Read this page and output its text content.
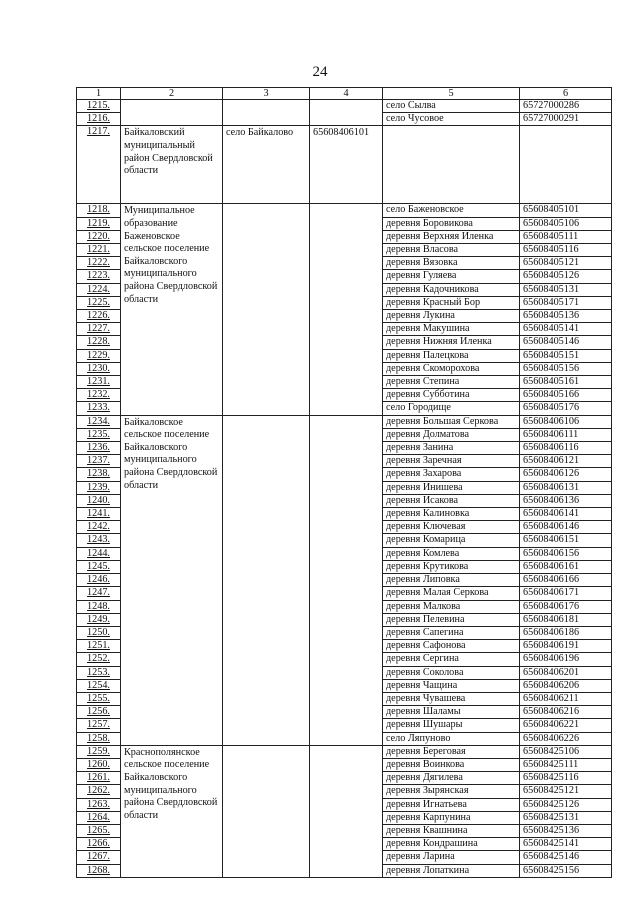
24
1	2	3	4	5	6
1215.				село Сылва	65727000286
1216.				село Чусовое	65727000291
1217.	Байкаловский муниципальный район Свердловской области	село Байкалово	65608406101		
1218.	Муниципальное образование Баженовское сельское поселение Байкаловского муниципального района Свердловской области			село Баженовское	65608405101
1219.				деревня Боровикова	65608405106
1220.				деревня Верхняя Иленка	65608405111
1221.				деревня Власова	65608405116
1222.				деревня Вязовка	65608405121
1223.				деревня Гуляева	65608405126
1224.				деревня Кадочникова	65608405131
1225.				деревня Красный Бор	65608405171
1226.				деревня Лукина	65608405136
1227.				деревня Макушина	65608405141
1228.				деревня Нижняя Иленка	65608405146
1229.				деревня Палецкова	65608405151
1230.				деревня Скоморохова	65608405156
1231.				деревня Степина	65608405161
1232.				деревня Субботина	65608405166
1233.				село Городище	65608405176
1234.	Байкаловское сельское поселение Байкаловского муниципального района Свердловской области			деревня Большая Серкова	65608406106
1235.				деревня Долматова	65608406111
1236.				деревня Занина	65608406116
1237.				деревня Заречная	65608406121
1238.				деревня Захарова	65608406126
1239.				деревня Инишева	65608406131
1240.				деревня Исакова	65608406136
1241.				деревня Калиновка	65608406141
1242.				деревня Ключевая	65608406146
1243.				деревня Комарица	65608406151
1244.				деревня Комлева	65608406156
1245.				деревня Крутикова	65608406161
1246.				деревня Липовка	65608406166
1247.				деревня Малая Серкова	65608406171
1248.				деревня Малкова	65608406176
1249.				деревня Пелевина	65608406181
1250.				деревня Сапегина	65608406186
1251.				деревня Сафонова	65608406191
1252.				деревня Сергина	65608406196
1253.				деревня Соколова	65608406201
1254.				деревня Чащина	65608406206
1255.				деревня Чувашева	65608406211
1256.				деревня Шаламы	65608406216
1257.				деревня Шушары	65608406221
1258.				село Ляпуново	65608406226
1259.	Краснополянское сельское поселение Байкаловского муниципального района Свердловской области			деревня Береговая	65608425106
1260.				деревня Воинкова	65608425111
1261.				деревня Дягилева	65608425116
1262.				деревня Зырянская	65608425121
1263.				деревня Игнатьева	65608425126
1264.				деревня Карпунина	65608425131
1265.				деревня Квашнина	65608425136
1266.				деревня Кондрашина	65608425141
1267.				деревня Ларина	65608425146
1268.				деревня Лопаткина	65608425156
